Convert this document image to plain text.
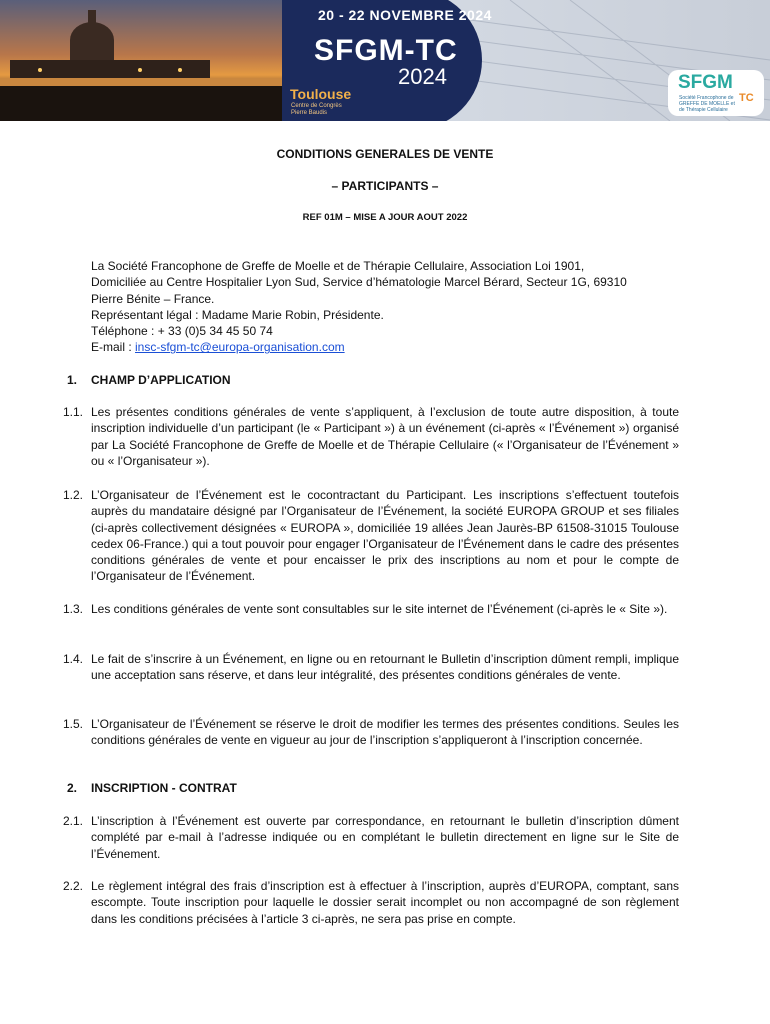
20 - 22 NOVEMBRE 2024
SFGM-TC
2024
Toulouse
Centre de Congrès Pierre Baudis
SFGM
TC
Société Francophone de GREFFE DE MOELLE et de Thérapie Cellulaire
CONDITIONS GENERALES DE VENTE
– PARTICIPANTS –
REF 01M – MISE A JOUR AOUT 2022
La Société Francophone de Greffe de Moelle et de Thérapie Cellulaire, Association Loi 1901,
Domiciliée au Centre Hospitalier Lyon Sud, Service d’hématologie Marcel Bérard, Secteur 1G, 69310
Pierre Bénite – France.
Représentant légal : Madame Marie Robin, Présidente.
Téléphone : + 33 (0)5 34 45 50 74
E-mail : insc-sfgm-tc@europa-organisation.com
1. CHAMP D’APPLICATION
1.1. Les présentes conditions générales de vente s’appliquent, à l’exclusion de toute autre disposition, à toute inscription individuelle d’un participant (le « Participant ») à un événement (ci-après « l’Événement ») organisé par La Société Francophone de Greffe de Moelle et de Thérapie Cellulaire (« l’Organisateur de l’Événement » ou « l’Organisateur »).
1.2. L’Organisateur de l’Événement est le cocontractant du Participant. Les inscriptions s’effectuent toutefois auprès du mandataire désigné par l’Organisateur de l’Événement, la société EUROPA GROUP et ses filiales (ci-après collectivement désignées « EUROPA », domiciliée 19 allées Jean Jaurès-BP 61508-31015 Toulouse cedex 06-France.) qui a tout pouvoir pour engager l’Organisateur de l’Événement dans le cadre des présentes conditions générales de vente et pour encaisser le prix des inscriptions au nom et pour le compte de l’Organisateur de l’Événement.
1.3. Les conditions générales de vente sont consultables sur le site internet de l’Événement (ci-après le « Site »).
1.4. Le fait de s’inscrire à un Événement, en ligne ou en retournant le Bulletin d’inscription dûment rempli, implique une acceptation sans réserve, et dans leur intégralité, des présentes conditions générales de vente.
1.5. L’Organisateur de l’Événement se réserve le droit de modifier les termes des présentes conditions. Seules les conditions générales de vente en vigueur au jour de l’inscription s’appliqueront à l’inscription concernée.
2. INSCRIPTION - CONTRAT
2.1. L’inscription à l’Événement est ouverte par correspondance, en retournant le bulletin d’inscription dûment complété par e-mail à l’adresse indiquée ou en complétant le bulletin directement en ligne sur le Site de l’Événement.
2.2. Le règlement intégral des frais d’inscription est à effectuer à l’inscription, auprès d’EUROPA, comptant, sans escompte. Toute inscription pour laquelle le dossier serait incomplet ou non accompagné de son règlement dans les conditions précisées à l’article 3 ci-après, ne sera pas prise en compte.
